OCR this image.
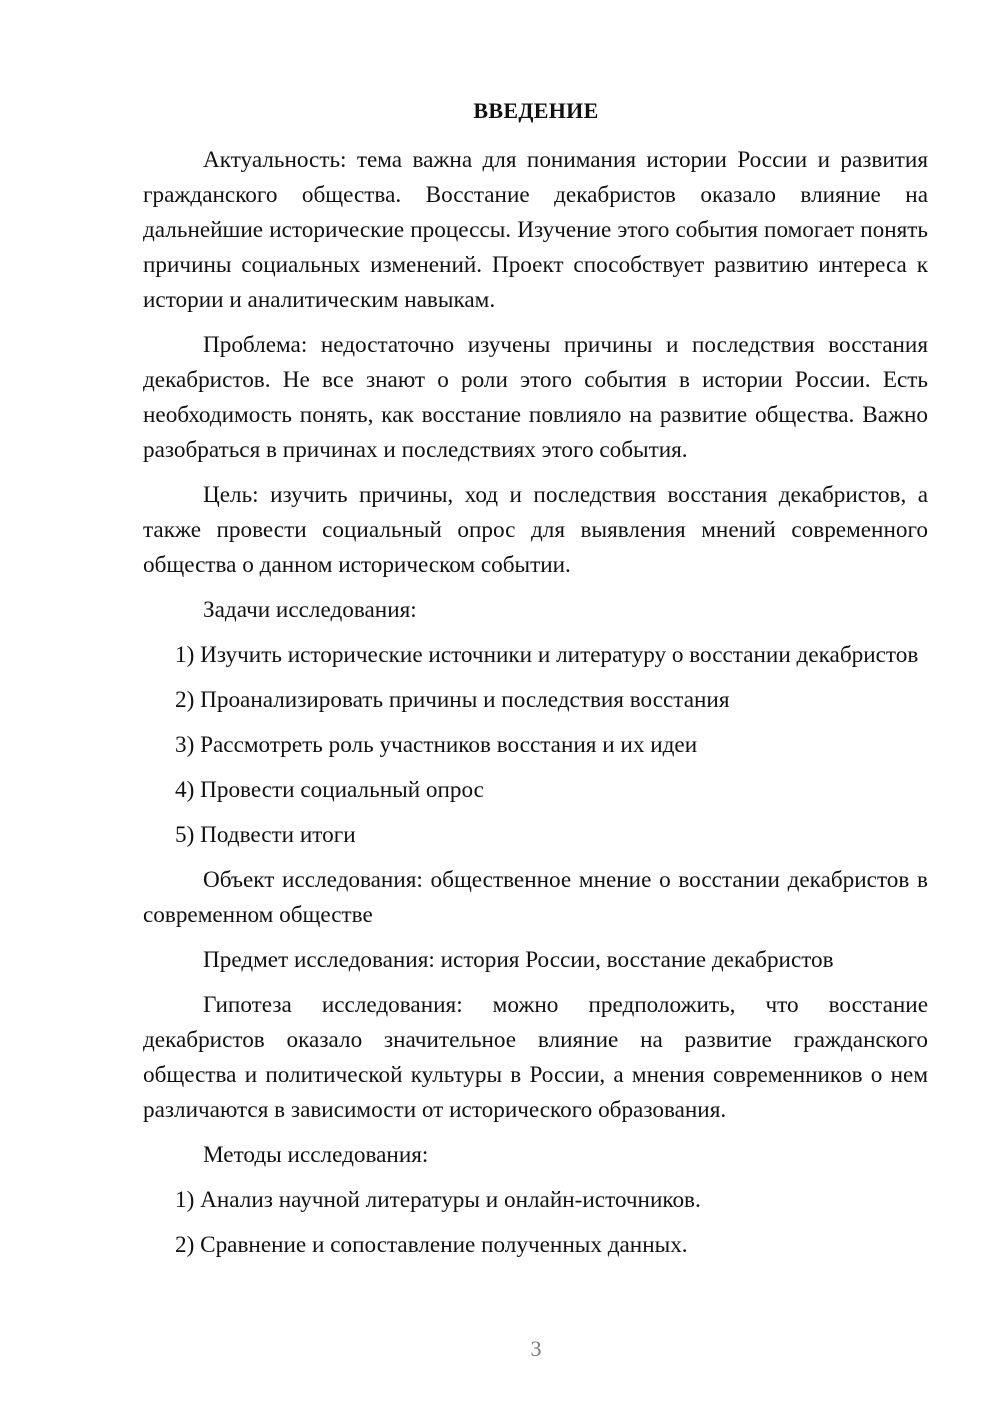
ВВЕДЕНИЕ

Актуальность: тема важна для понимания истории России и развития гражданского общества. Восстание декабристов оказало влияние на дальнейшие исторические процессы. Изучение этого события помогает понять причины социальных изменений. Проект способствует развитию интереса к истории и аналитическим навыкам.

Проблема: недостаточно изучены причины и последствия восстания декабристов. Не все знают о роли этого события в истории России. Есть необходимость понять, как восстание повлияло на развитие общества. Важно разобраться в причинах и последствиях этого события.

Цель: изучить причины, ход и последствия восстания декабристов, а также провести социальный опрос для выявления мнений современного общества о данном историческом событии.

Задачи исследования:

1) Изучить исторические источники и литературу о восстании декабристов

2) Проанализировать причины и последствия восстания

3) Рассмотреть роль участников восстания и их идеи

4) Провести социальный опрос

5) Подвести итоги

Объект исследования: общественное мнение о восстании декабристов в современном обществе

Предмет исследования: история России, восстание декабристов

Гипотеза исследования: можно предположить, что восстание декабристов оказало значительное влияние на развитие гражданского общества и политической культуры в России, а мнения современников о нем различаются в зависимости от исторического образования.

Методы исследования:

1) Анализ научной литературы и онлайн-источников.

2) Сравнение и сопоставление полученных данных.

3
